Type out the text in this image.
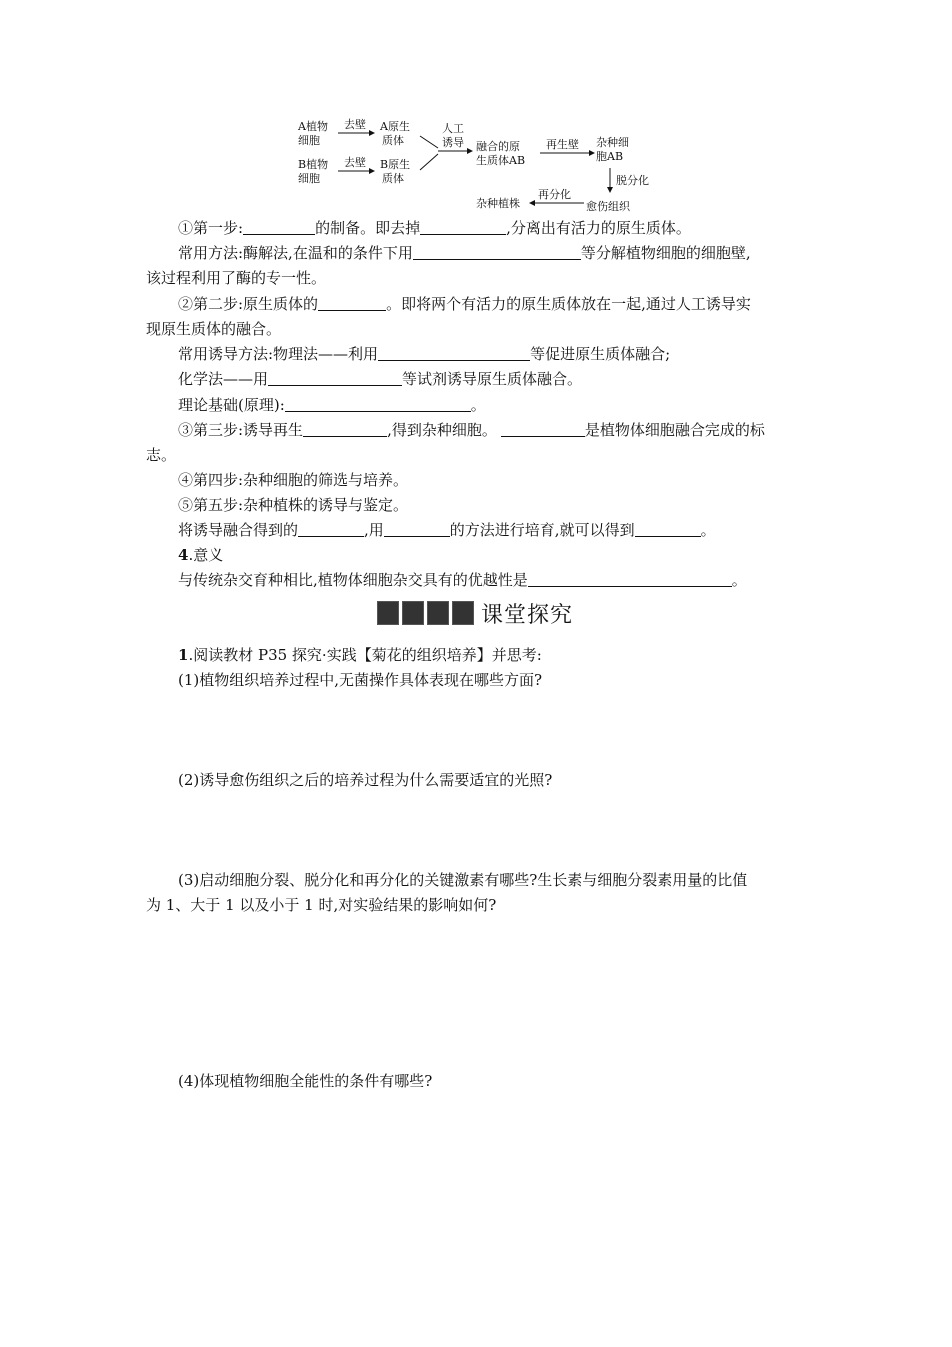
A植物
细胞
B植物
细胞
去壁
去壁
A原生
质体
B原生
质体
人工
诱导 融合的原
生质体AB
再生壁 杂种细
胞AB
脱分化
愈伤组织
再分化
杂种植株
①第一步:	的制备。即去掉	,分离出有活力的原生质体。
常用方法:酶解法,在温和的条件下用	等分解植物细胞的细胞壁,
该过程利用了酶的专一性。
②第二步:原生质体的	。即将两个有活力的原生质体放在一起,通过人工诱导实
现原生质体的融合。
常用诱导方法:物理法——利用	等促进原生质体融合;
化学法——用	等试剂诱导原生质体融合。
理论基础(原理):	。
③第三步:诱导再生	,得到杂种细胞。	是植物体细胞融合完成的标
志。
④第四步:杂种细胞的筛选与培养。
⑤第五步:杂种植株的诱导与鉴定。
将诱导融合得到的	,用	的方法进行培育,就可以得到	。
4.意义
与传统杂交育种相比,植物体细胞杂交具有的优越性是	。
课堂探究
1.阅读教材 P35 探究·实践【菊花的组织培养】并思考:
(1)植物组织培养过程中,无菌操作具体表现在哪些方面?
(2)诱导愈伤组织之后的培养过程为什么需要适宜的光照?
(3)启动细胞分裂、脱分化和再分化的关键激素有哪些?生长素与细胞分裂素用量的比值
为 1、大于 1 以及小于 1 时,对实验结果的影响如何?
(4)体现植物细胞全能性的条件有哪些?
